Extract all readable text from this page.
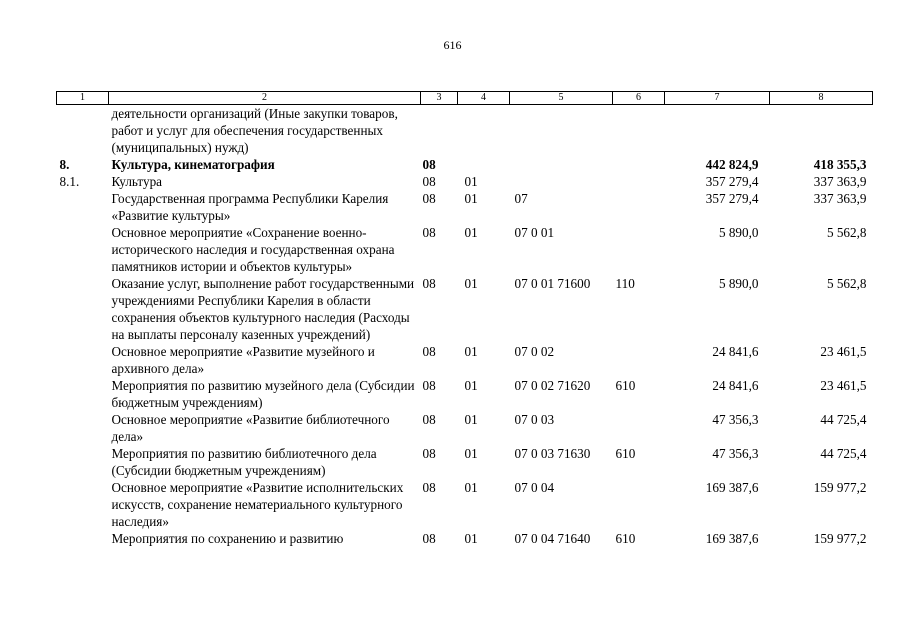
616
1	2	3	4	5	6	7	8
	деятельности организаций (Иные закупки товаров, работ и услуг для обеспечения государственных (муниципальных) нужд)						
8.	Культура, кинематография	08				442 824,9	418 355,3
8.1.	Культура	08	01			357 279,4	337 363,9
	Государственная программа Республики Карелия «Развитие культуры»	08	01	07		357 279,4	337 363,9
	Основное мероприятие «Сохранение военно-исторического наследия и государственная охрана памятников истории и объектов культуры»	08	01	07 0 01		5 890,0	5 562,8
	Оказание услуг, выполнение работ государственными учреждениями Республики Карелия в области сохранения объектов культурного наследия (Расходы на выплаты персоналу казенных учреждений)	08	01	07 0 01 71600	110	5 890,0	5 562,8
	Основное мероприятие «Развитие музейного и архивного дела»	08	01	07 0 02		24 841,6	23 461,5
	Мероприятия по развитию музейного дела (Субсидии бюджетным учреждениям)	08	01	07 0 02 71620	610	24 841,6	23 461,5
	Основное мероприятие «Развитие библиотечного дела»	08	01	07 0 03		47 356,3	44 725,4
	Мероприятия по развитию библиотечного дела (Субсидии бюджетным учреждениям)	08	01	07 0 03 71630	610	47 356,3	44 725,4
	Основное мероприятие «Развитие исполнительских искусств, сохранение нематериального культурного наследия»	08	01	07 0 04		169 387,6	159 977,2
	Мероприятия по сохранению и развитию	08	01	07 0 04 71640	610	169 387,6	159 977,2
